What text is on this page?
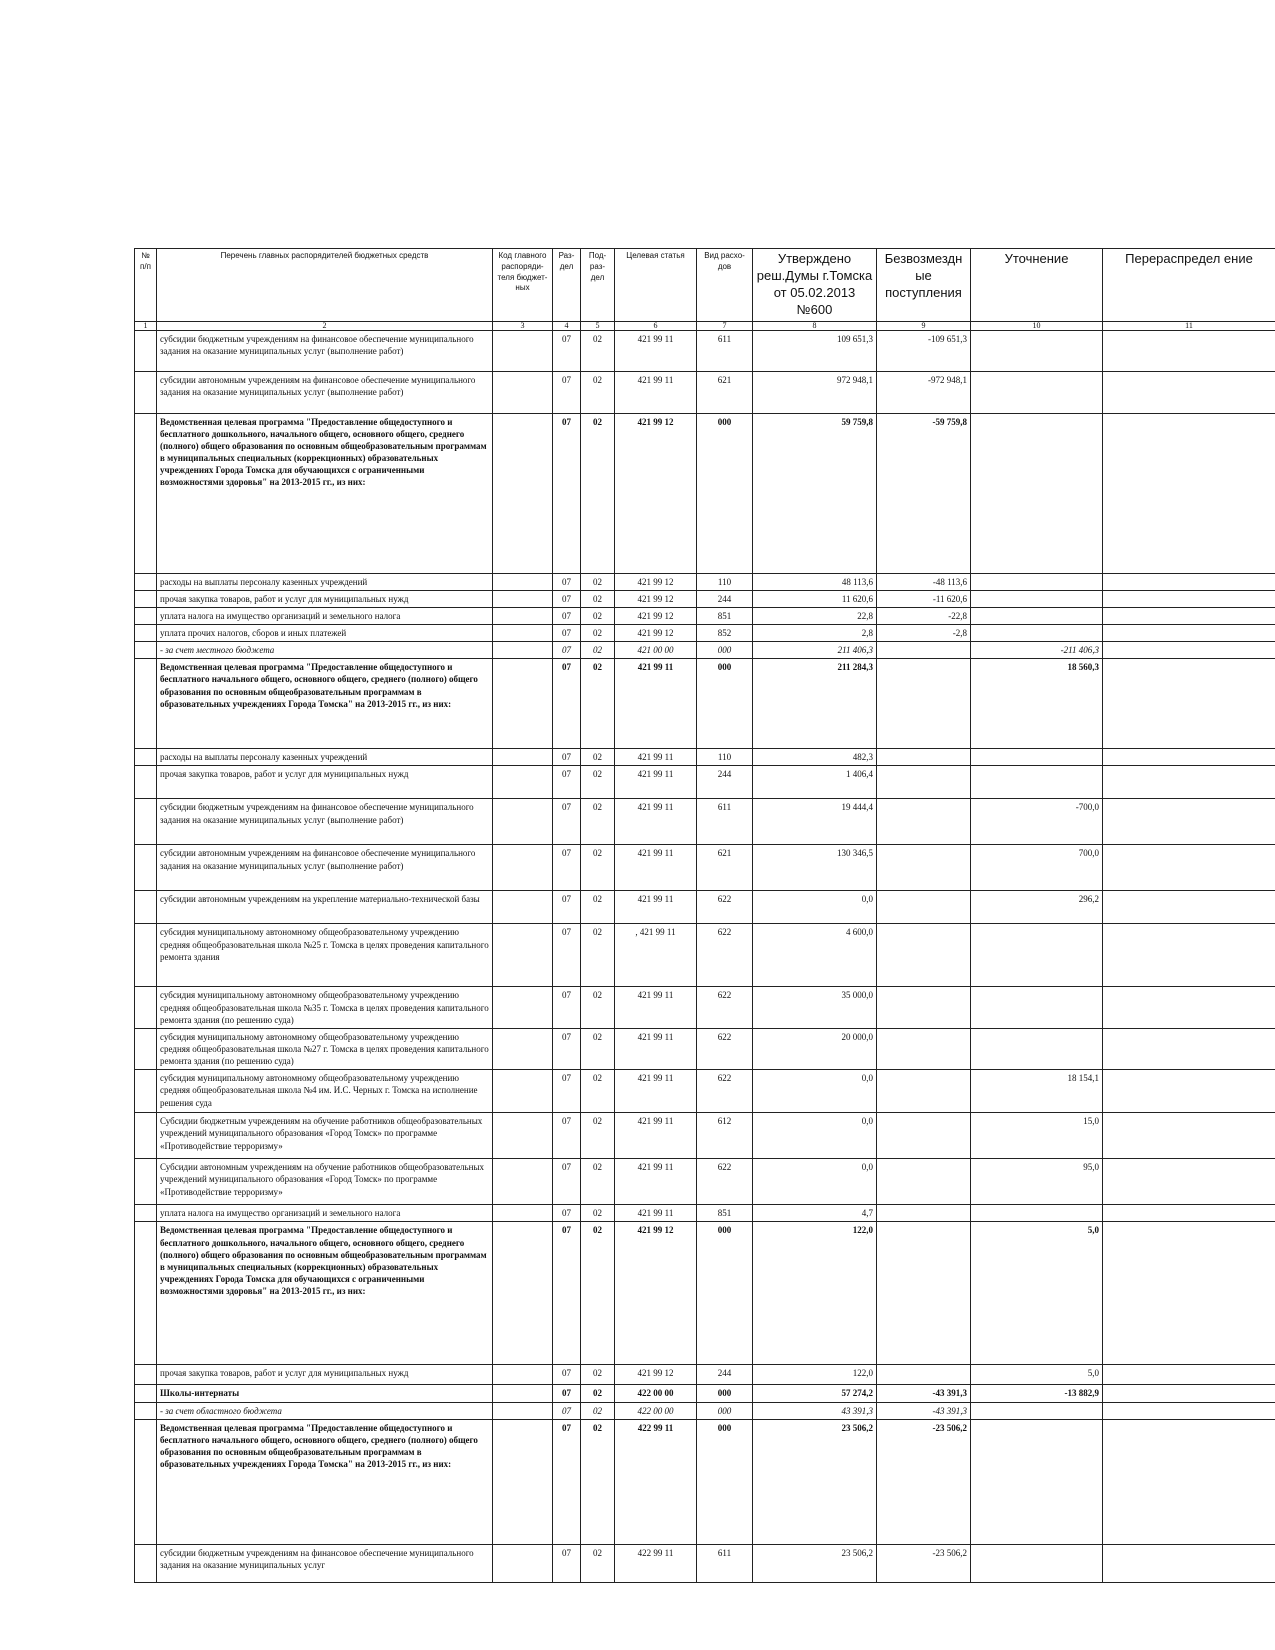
№ п/п	Перечень главных распорядителей бюджетных средств	Код главного распоряди-теля бюджет-ных	Раз-дел	Под-раз-дел	Целевая статья	Вид расхо-дов	Утверждено реш.Думы г.Томска от 05.02.2013 №600	Безвозмездн ые поступления	Уточнение	Перераспредел ение
1	2	3	4	5	6	7	8	9	10	11
	субсидии бюджетным учреждениям на финансовое обеспечение муниципального задания на оказание муниципальных услуг (выполнение работ)		07	02	421 99 11	611	109 651,3	-109 651,3		
	субсидии автономным учреждениям на финансовое обеспечение муниципального задания на оказание муниципальных услуг (выполнение работ)		07	02	421 99 11	621	972 948,1	-972 948,1		
	Ведомственная целевая программа "Предоставление общедоступного и бесплатного дошкольного, начального общего, основного общего, среднего (полного) общего образования по основным общеобразовательным программам в муниципальных специальных (коррекционных) образовательных учреждениях Города Томска для обучающихся с ограниченными возможностями здоровья" на 2013-2015 гг., из них:		07	02	421 99 12	000	59 759,8	-59 759,8		
	расходы на выплаты персоналу казенных учреждений		07	02	421 99 12	110	48 113,6	-48 113,6		
	прочая закупка товаров, работ и услуг для муниципальных нужд		07	02	421 99 12	244	11 620,6	-11 620,6		
	уплата налога на имущество организаций и земельного налога		07	02	421 99 12	851	22,8	-22,8		
	уплата прочих налогов, сборов и иных платежей		07	02	421 99 12	852	2,8	-2,8		
	- за счет местного бюджета		07	02	421 00 00	000	211 406,3		-211 406,3	
	Ведомственная целевая программа "Предоставление общедоступного и бесплатного начального общего, основного общего, среднего (полного) общего образования по основным общеобразовательным программам в образовательных учреждениях Города Томска" на 2013-2015 гг., из них:		07	02	421 99 11	000	211 284,3		18 560,3	
	расходы на выплаты персоналу казенных учреждений		07	02	421 99 11	110	482,3			
	прочая закупка товаров, работ и услуг для муниципальных нужд		07	02	421 99 11	244	1 406,4			
	субсидии бюджетным учреждениям на финансовое обеспечение муниципального задания на оказание муниципальных услуг (выполнение работ)		07	02	421 99 11	611	19 444,4		-700,0	
	субсидии автономным учреждениям на финансовое обеспечение муниципального задания на оказание муниципальных услуг (выполнение работ)		07	02	421 99 11	621	130 346,5		700,0	
	субсидии автономным учреждениям на укрепление материально-технической базы		07	02	421 99 11	622	0,0		296,2	
	субсидия муниципальному автономному общеобразовательному учреждению средняя общеобразовательная школа №25 г. Томска в целях проведения капитального ремонта здания		07	02	, 421 99 11	622	4 600,0			
	субсидия муниципальному автономному общеобразовательному учреждению средняя общеобразовательная школа №35 г. Томска в целях проведения капитального ремонта здания (по решению суда)		07	02	421 99 11	622	35 000,0			
	субсидия муниципальному автономному общеобразовательному учреждению средняя общеобразовательная школа №27 г. Томска в целях проведения капитального ремонта здания (по решению суда)		07	02	421 99 11	622	20 000,0			
	субсидия муниципальному автономному общеобразовательному учреждению средняя общеобразовательная школа №4 им. И.С. Черных г. Томска на исполнение решения суда		07	02	421 99 11	622	0,0		18 154,1	
	Субсидии бюджетным учреждениям на обучение работников общеобразовательных учреждений муниципального образования «Город Томск» по программе «Противодействие терроризму»		07	02	421 99 11	612	0,0		15,0	
	Субсидии автономным учреждениям на обучение работников общеобразовательных учреждений муниципального образования «Город Томск» по программе «Противодействие терроризму»		07	02	421 99 11	622	0,0		95,0	
	уплата налога на имущество организаций и земельного налога		07	02	421 99 11	851	4,7			
	Ведомственная целевая программа "Предоставление общедоступного и бесплатного дошкольного, начального общего, основного общего, среднего (полного) общего образования по основным общеобразовательным программам в муниципальных специальных (коррекционных) образовательных учреждениях Города Томска для обучающихся с ограниченными возможностями здоровья" на 2013-2015 гг., из них:		07	02	421 99 12	000	122,0		5,0	
	прочая закупка товаров, работ и услуг для муниципальных нужд		07	02	421 99 12	244	122,0		5,0	
	Школы-интернаты		07	02	422 00 00	000	57 274,2	-43 391,3	-13 882,9	
	- за счет областного бюджета		07	02	422 00 00	000	43 391,3	-43 391,3		
	Ведомственная целевая программа "Предоставление общедоступного и бесплатного начального общего, основного общего, среднего (полного) общего образования по основным общеобразовательным программам в образовательных учреждениях Города Томска" на 2013-2015 гг., из них:		07	02	422 99 11	000	23 506,2	-23 506,2		
	субсидии бюджетным учреждениям на финансовое обеспечение муниципального задания на оказание муниципальных услуг		07	02	422 99 11	611	23 506,2	-23 506,2		
